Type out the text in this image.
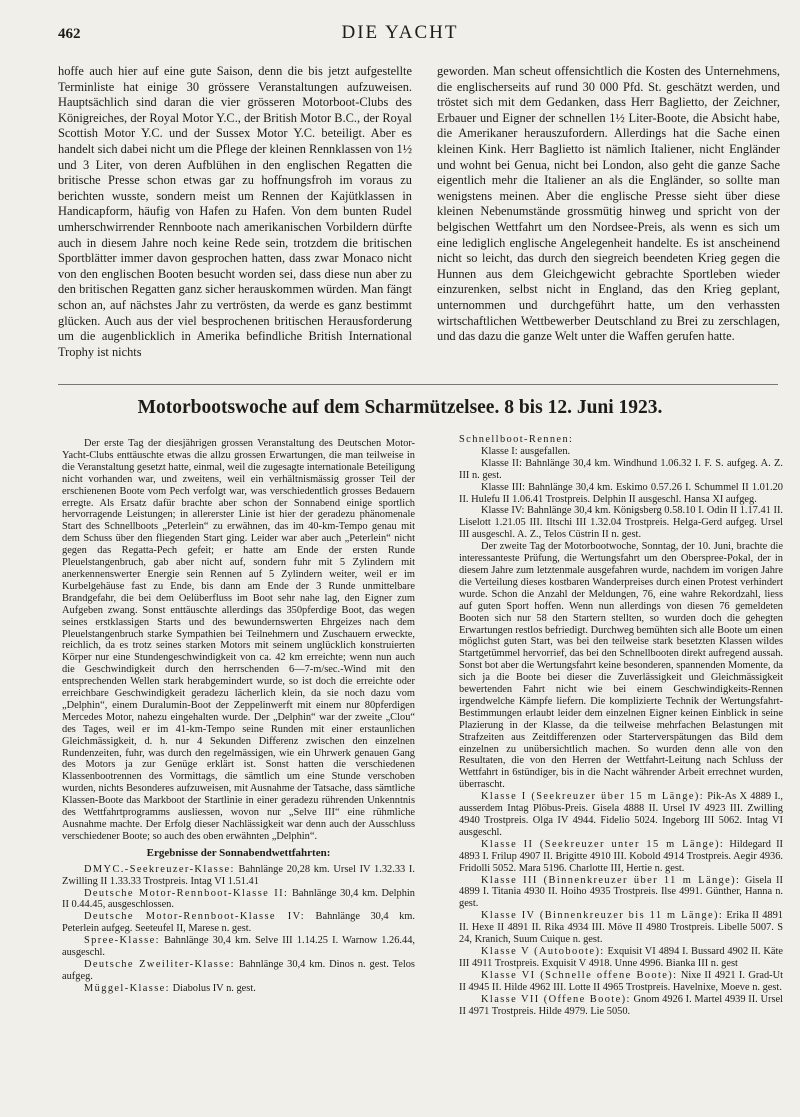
462	DIE YACHT

hoffe auch hier auf eine gute Saison, denn die bis jetzt aufgestellte Terminliste hat einige 30 grössere Veranstaltungen aufzuweisen. Hauptsächlich sind daran die vier grösseren Motorboot-Clubs des Königreiches, der Royal Motor Y.C., der British Motor B.C., der Royal Scottish Motor Y.C. und der Sussex Motor Y.C. beteiligt. Aber es handelt sich dabei nicht um die Pflege der kleinen Rennklassen von 1½ und 3 Liter, von deren Aufblühen in den englischen Regatten die britische Presse schon etwas gar zu hoffnungsfroh im voraus zu berichten wusste, sondern meist um Rennen der Kajütklassen in Handicapform, häufig von Hafen zu Hafen. Von dem bunten Rudel umherschwirrender Rennboote nach amerikanischen Vorbildern dürfte auch in diesem Jahre noch keine Rede sein, trotzdem die britischen Sportblätter immer davon gesprochen hatten, dass zwar Monaco nicht von den englischen Booten besucht worden sei, dass diese nun aber zu den britischen Regatten ganz sicher herauskommen würden. Man fängt schon an, auf nächstes Jahr zu vertrösten, da werde es ganz bestimmt glücken. Auch aus der viel besprochenen britischen Herausforderung um die augenblicklich in Amerika befindliche British International Trophy ist nichts

geworden. Man scheut offensichtlich die Kosten des Unternehmens, die englischerseits auf rund 30 000 Pfd. St. geschätzt werden, und tröstet sich mit dem Gedanken, dass Herr Baglietto, der Zeichner, Erbauer und Eigner der schnellen 1½ Liter-Boote, die Absicht habe, die Amerikaner herauszufordern. Allerdings hat die Sache einen kleinen Kink. Herr Baglietto ist nämlich Italiener, nicht Engländer und wohnt bei Genua, nicht bei London, also geht die ganze Sache eigentlich mehr die Italiener an als die Engländer, so sollte man wenigstens meinen. Aber die englische Presse sieht über diese kleinen Nebenumstände grossmütig hinweg und spricht von der belgischen Wettfahrt um den Nordsee-Preis, als wenn es sich um eine lediglich englische Angelegenheit handelte. Es ist anscheinend nicht so leicht, das durch den siegreich beendeten Krieg gegen die Hunnen aus dem Gleichgewicht gebrachte Sportleben wieder einzurenken, selbst nicht in England, das den Krieg geplant, unternommen und durchgeführt hatte, um den verhassten wirtschaftlichen Wettbewerber Deutschland zu Brei zu zerschlagen, und das dazu die ganze Welt unter die Waffen gerufen hatte.

Motorbootswoche auf dem Scharmützelsee. 8 bis 12. Juni 1923.

Der erste Tag der diesjährigen grossen Veranstaltung des Deutschen Motor-Yacht-Clubs enttäuschte etwas die allzu grossen Erwartungen, die man teilweise in die Veranstaltung gesetzt hatte, einmal, weil die zugesagte internationale Beteiligung nicht vorhanden war, und zweitens, weil ein verhältnismässig grosser Teil der erschienenen Boote vom Pech verfolgt war, was verschiedentlich grosses Bedauern erregte. Als Ersatz dafür brachte aber schon der Sonnabend einige sportlich hervorragende Leistungen; in allererster Linie ist hier der geradezu phänomenale Start des Schnellboots „Peterlein“ zu erwähnen, das im 40-km-Tempo genau mit dem Schuss über den fliegenden Start ging. Leider war aber auch „Peterlein“ nicht gegen das Regatta-Pech gefeit; er hatte am Ende der ersten Runde Pleuelstangenbruch, gab aber nicht auf, sondern fuhr mit 5 Zylindern mit anerkennenswerter Energie sein Rennen auf 5 Zylindern weiter, weil er im Kurbelgehäuse fast zu Ende, bis dann am Ende der 3 Runde unmittelbare Brandgefahr, die bei dem Oelüberfluss im Boot sehr nahe lag, den Eigner zum Aufgeben zwang. Sonst enttäuschte allerdings das 350pferdige Boot, das wegen seines erstklassigen Starts und des bewundernswerten Ehrgeizes nach dem Pleuelstangenbruch starke Sympathien bei Teilnehmern und Zuschauern erweckte, reichlich, da es trotz seines starken Motors mit seinem unglücklich konstruierten Körper nur eine Stundengeschwindigkeit von ca. 42 km erreichte; wenn nun auch die Geschwindigkeit durch den herrschenden 6—7-m/sec.-Wind mit den entsprechenden Wellen stark herabgemindert wurde, so ist doch die erreichte oder erreichbare Geschwindigkeit geradezu lächerlich klein, da sie noch dazu vom „Delphin“, einem Duralumin-Boot der Zeppelinwerft mit einem nur 80pferdigen Mercedes Motor, nahezu eingehalten wurde. Der „Delphin“ war der zweite „Clou“ des Tages, weil er im 41-km-Tempo seine Runden mit einer erstaunlichen Gleichmässigkeit, d. h. nur 4 Sekunden Differenz zwischen den einzelnen Rundenzeiten, fuhr, was durch den regelmässigen, wie ein Uhrwerk genauen Gang des Motors ja zur Genüge erklärt ist. Sonst hatten die verschiedenen Klassenbootrennen des Vormittags, die sämtlich um eine Stunde verschoben wurden, nichts Besonderes aufzuweisen, mit Ausnahme der Tatsache, dass sämtliche Klassen-Boote das Markboot der Startlinie in einer geradezu rührenden Unkenntnis des Wettfahrtprogramms ausliessen, wovon nur „Selve III“ eine rühmliche Ausnahme machte. Der Erfolg dieser Nachlässigkeit war denn auch der Ausschluss verschiedener Boote; so auch des oben erwähnten „Delphin“.

Ergebnisse der Sonnabendwettfahrten:

DMYC.-Seekreuzer-Klasse: Bahnlänge 20,28 km. Ursel IV 1.32.33 I. Zwilling II 1.33.33 Trostpreis. Intag VI 1.51.41

Deutsche Motor-Rennboot-Klasse II: Bahnlänge 30,4 km. Delphin II 0.44.45, ausgeschlossen.

Deutsche Motor-Rennboot-Klasse IV: Bahnlänge 30,4 km. Peterlein aufgeg. Seeteufel II, Marese n. gest.

Spree-Klasse: Bahnlänge 30,4 km. Selve III 1.14.25 I. Warnow 1.26.44, ausgeschl.

Deutsche Zweiliter-Klasse: Bahnlänge 30,4 km. Dinos n. gest. Telos aufgeg.

Müggel-Klasse: Diabolus IV n. gest.

Schnellboot-Rennen:

Klasse I: ausgefallen.

Klasse II: Bahnlänge 30,4 km. Windhund 1.06.32 I. F. S. aufgeg. A. Z. III n. gest.

Klasse III: Bahnlänge 30,4 km. Eskimo 0.57.26 I. Schummel II 1.01.20 II. Hulefu II 1.06.41 Trostpreis. Delphin II ausgeschl. Hansa XI aufgeg.

Klasse IV: Bahnlänge 30,4 km. Königsberg 0.58.10 I. Odin II 1.17.41 II. Liselott 1.21.05 III. Iltschi III 1.32.04 Trostpreis. Helga-Gerd aufgeg. Ursel III ausgeschl. A. Z., Telos Cüstrin II n. gest.

Der zweite Tag der Motorbootwoche, Sonntag, der 10. Juni, brachte die interessanteste Prüfung, die Wertungsfahrt um den Oberspree-Pokal, der in diesem Jahre zum letztenmale ausgefahren wurde, nachdem im vorigen Jahre die Verteilung dieses kostbaren Wanderpreises durch einen Protest verhindert wurde. Schon die Anzahl der Meldungen, 76, eine wahre Rekordzahl, liess auf guten Sport hoffen. Wenn nun allerdings von diesen 76 gemeldeten Booten sich nur 58 den Startern stellten, so wurden doch die gehegten Erwartungen restlos befriedigt. Durchweg bemühten sich alle Boote um einen möglichst guten Start, was bei den teilweise stark besetzten Klassen wildes Startgetümmel hervorrief, das bei den Schnellbooten direkt aufregend aussah. Sonst bot aber die Wertungsfahrt keine besonderen, spannenden Momente, da sich ja die Boote bei dieser die Zuverlässigkeit und Gleichmässigkeit bewertenden Fahrt nicht wie bei einem Geschwindigkeits-Rennen irgendwelche Kämpfe liefern. Die komplizierte Technik der Wertungsfahrt-Bestimmungen erlaubt leider dem einzelnen Eigner keinen Einblick in seine Plazierung in der Klasse, da die teilweise mehrfachen Belastungen mit Strafzeiten aus Zeitdifferenzen oder Starterverspätungen das Bild dem einzelnen zu unübersichtlich machen. So wurden denn alle von den Resultaten, die von den Herren der Wettfahrt-Leitung nach Schluss der Wettfahrt in 6stündiger, bis in die Nacht währender Arbeit errechnet wurden, überrascht.

Klasse I (Seekreuzer über 15 m Länge): Pik-As X 4889 I., ausserdem Intag Plöbus-Preis. Gisela 4888 II. Ursel IV 4923 III. Zwilling 4940 Trostpreis. Olga IV 4944. Fidelio 5024. Ingeborg III 5062. Intag VI ausgeschl.

Klasse II (Seekreuzer unter 15 m Länge): Hildegard II 4893 I. Frilup 4907 II. Brigitte 4910 III. Kobold 4914 Trostpreis. Aegir 4936. Fridolli 5052. Mara 5196. Charlotte III, Hertie n. gest.

Klasse III (Binnenkreuzer über 11 m Länge): Gisela II 4899 I. Titania 4930 II. Hoiho 4935 Trostpreis. Ilse 4991. Günther, Hanna n. gest.

Klasse IV (Binnenkreuzer bis 11 m Länge): Erika II 4891 II. Hexe II 4891 II. Rika 4934 III. Möve II 4980 Trostpreis. Libelle 5007. S 24, Kranich, Suum Cuique n. gest.

Klasse V (Autoboote): Exquisit VI 4894 I. Bussard 4902 II. Käte III 4911 Trostpreis. Exquisit V 4918. Unne 4996. Bianka III n. gest

Klasse VI (Schnelle offene Boote): Nixe II 4921 I. Grad-Ut II 4945 II. Hilde 4962 III. Lotte II 4965 Trostpreis. Havelnixe, Moeve n. gest.

Klasse VII (Offene Boote): Gnom 4926 I. Martel 4939 II. Ursel II 4971 Trostpreis. Hilde 4979. Lie 5050.
